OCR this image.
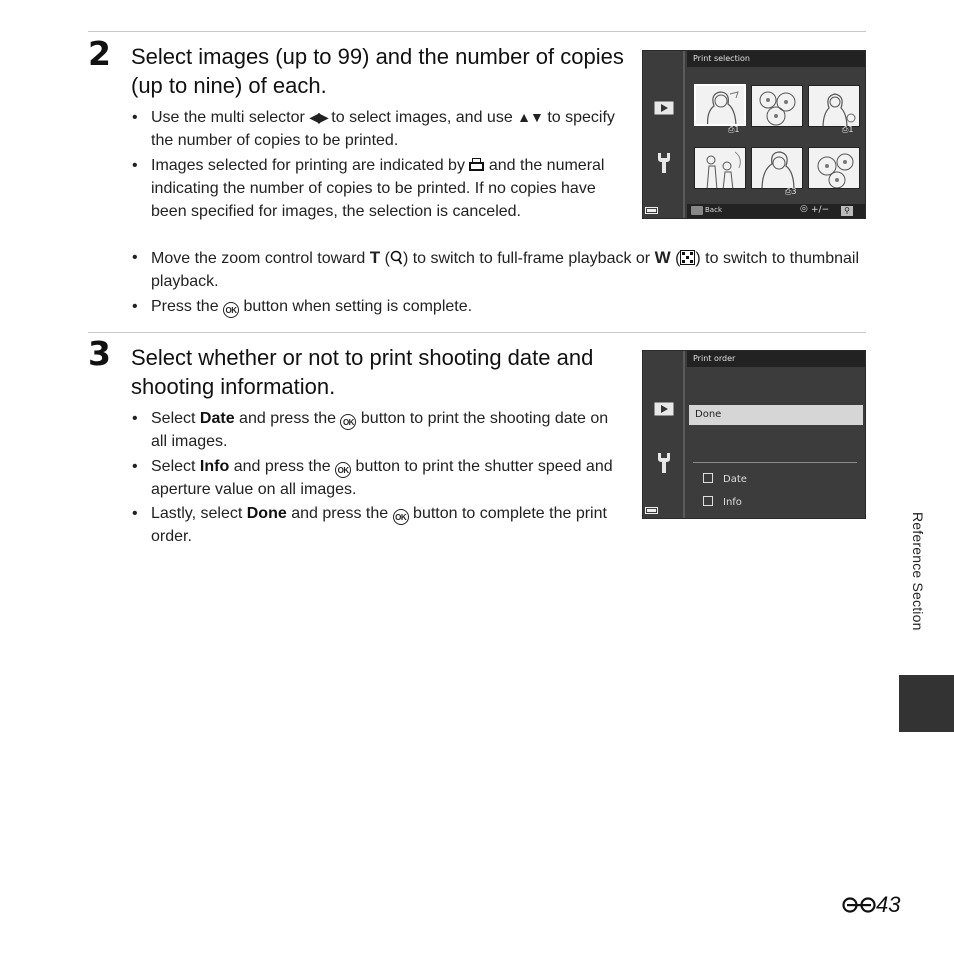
2 Select images (up to 99) and the number of copies (up to nine) of each.
• Use the multi selector ◀▶ to select images, and use ▲▼ to specify the number of copies to be printed.
• Images selected for printing are indicated by  and the numeral indicating the number of copies to be printed. If no copies have been specified for images, the selection is canceled.
• Move the zoom control toward T ( ) to switch to full-frame playback or W ( ) to switch to thumbnail playback.
• Press the OK button when setting is complete.
Print selection
⎙1	⎙1
⎙3
Back	◎ +/−	⚲
3 Select whether or not to print shooting date and shooting information.
• Select Date and press the OK button to print the shooting date on all images.
• Select Info and press the OK button to print the shutter speed and aperture value on all images.
• Lastly, select Done and press the OK button to complete the print order.
Print order
Done
Date
Info
Reference Section
43
